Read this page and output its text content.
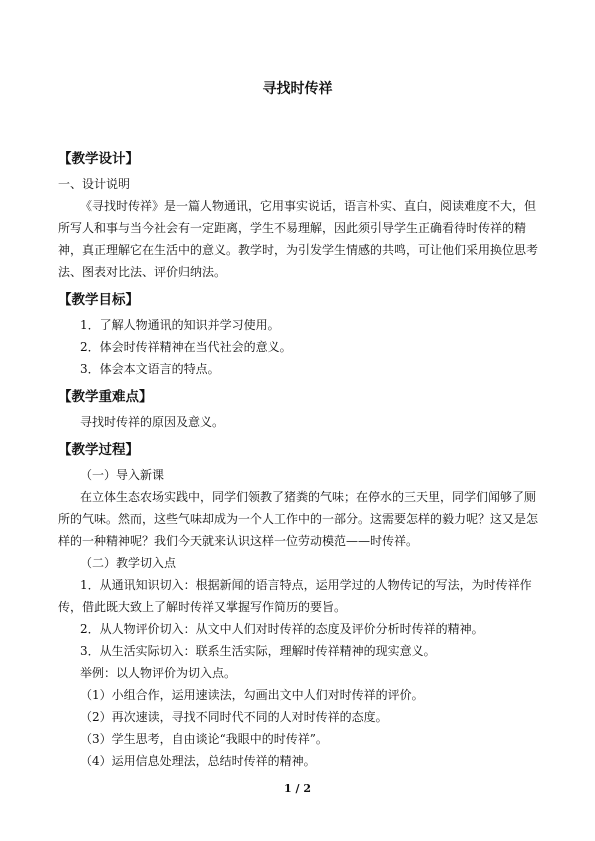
寻找时传祥
【教学设计】
一、设计说明
《寻找时传祥》是一篇人物通讯，它用事实说话，语言朴实、直白，阅读难度不大，但
所写人和事与当今社会有一定距离，学生不易理解，因此须引导学生正确看待时传祥的精
神，真正理解它在生活中的意义。教学时，为引发学生情感的共鸣，可让他们采用换位思考
法、图表对比法、评价归纳法。
【教学目标】
1．了解人物通讯的知识并学习使用。
2．体会时传祥精神在当代社会的意义。
3．体会本文语言的特点。
【教学重难点】
寻找时传祥的原因及意义。
【教学过程】
（一）导入新课
在立体生态农场实践中，同学们领教了猪粪的气味；在停水的三天里，同学们闻够了厕
所的气味。然而，这些气味却成为一个人工作中的一部分。这需要怎样的毅力呢？这又是怎
样的一种精神呢？我们今天就来认识这样一位劳动模范——时传祥。
（二）教学切入点
1．从通讯知识切入：根据新闻的语言特点，运用学过的人物传记的写法，为时传祥作
传，借此既大致上了解时传祥又掌握写作简历的要旨。
2．从人物评价切入：从文中人们对时传祥的态度及评价分析时传祥的精神。
3．从生活实际切入：联系生活实际，理解时传祥精神的现实意义。
举例：以人物评价为切入点。
（1）小组合作，运用速读法，勾画出文中人们对时传祥的评价。
（2）再次速读，寻找不同时代不同的人对时传祥的态度。
（3）学生思考，自由谈论“我眼中的时传祥”。
（4）运用信息处理法，总结时传祥的精神。
1 / 2
